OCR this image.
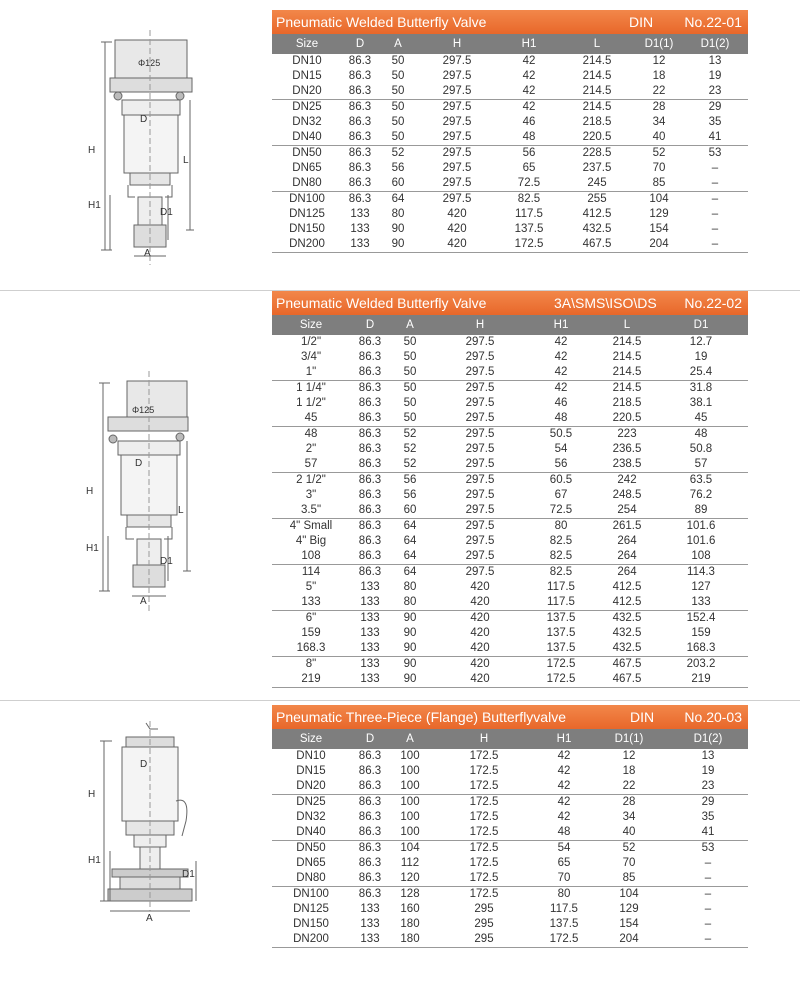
Φ125
D
H
L
H1
D1
A
Pneumatic Welded Butterfly Valve	DIN No.22-01
Size	D	A	H	H1	L	D1(1)	D1(2)
DN10	86.3	50	297.5	42	214.5	12	13
DN15	86.3	50	297.5	42	214.5	18	19
DN20	86.3	50	297.5	42	214.5	22	23
DN25	86.3	50	297.5	42	214.5	28	29
DN32	86.3	50	297.5	46	218.5	34	35
DN40	86.3	50	297.5	48	220.5	40	41
DN50	86.3	52	297.5	56	228.5	52	53
DN65	86.3	56	297.5	65	237.5	70	–
DN80	86.3	60	297.5	72.5	245	85	–
DN100	86.3	64	297.5	82.5	255	104	–
DN125	133	80	420	117.5	412.5	129	–
DN150	133	90	420	137.5	432.5	154	–
DN200	133	90	420	172.5	467.5	204	–
Φ125
D
H
L
H1
D1
A
Pneumatic Welded Butterfly Valve	3A\SMS\ISO\DS No.22-02
Size	D	A	H	H1	L	D1
1/2"	86.3	50	297.5	42	214.5	12.7
3/4"	86.3	50	297.5	42	214.5	19
1"	86.3	50	297.5	42	214.5	25.4
1 1/4"	86.3	50	297.5	42	214.5	31.8
1 1/2"	86.3	50	297.5	46	218.5	38.1
45	86.3	50	297.5	48	220.5	45
48	86.3	52	297.5	50.5	223	48
2"	86.3	52	297.5	54	236.5	50.8
57	86.3	52	297.5	56	238.5	57
2 1/2"	86.3	56	297.5	60.5	242	63.5
3"	86.3	56	297.5	67	248.5	76.2
3.5"	86.3	60	297.5	72.5	254	89
4" Small	86.3	64	297.5	80	261.5	101.6
4" Big	86.3	64	297.5	82.5	264	101.6
108	86.3	64	297.5	82.5	264	108
114	86.3	64	297.5	82.5	264	114.3
5"	133	80	420	117.5	412.5	127
133	133	80	420	117.5	412.5	133
6"	133	90	420	137.5	432.5	152.4
159	133	90	420	137.5	432.5	159
168.3	133	90	420	137.5	432.5	168.3
8"	133	90	420	172.5	467.5	203.2
219	133	90	420	172.5	467.5	219
D
H
H1
D1
A
Pneumatic Three-Piece (Flange) Butterflyvalve	DIN No.20-03
Size	D	A	H	H1	D1(1)	D1(2)
DN10	86.3	100	172.5	42	12	13
DN15	86.3	100	172.5	42	18	19
DN20	86.3	100	172.5	42	22	23
DN25	86.3	100	172.5	42	28	29
DN32	86.3	100	172.5	42	34	35
DN40	86.3	100	172.5	48	40	41
DN50	86.3	104	172.5	54	52	53
DN65	86.3	112	172.5	65	70	–
DN80	86.3	120	172.5	70	85	–
DN100	86.3	128	172.5	80	104	–
DN125	133	160	295	117.5	129	–
DN150	133	180	295	137.5	154	–
DN200	133	180	295	172.5	204	–
